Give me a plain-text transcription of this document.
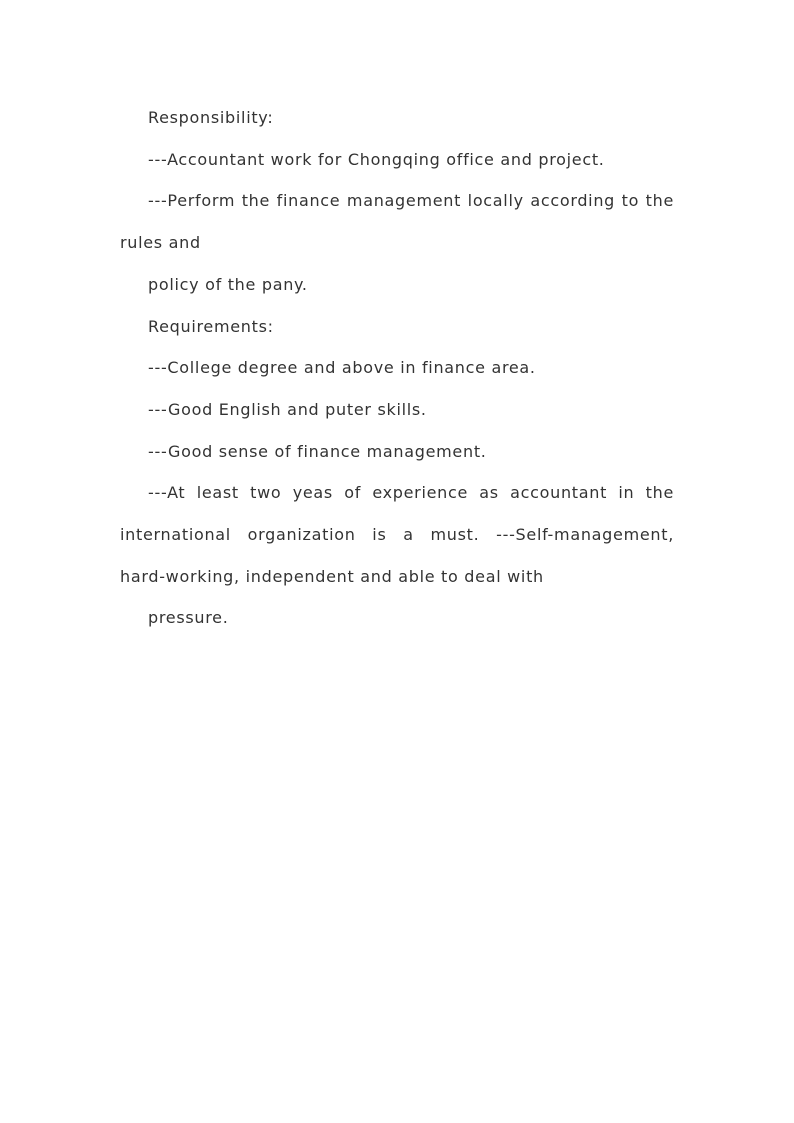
Responsibility:

---Accountant work for Chongqing office and project.

---Perform the finance management locally according to the

rules and

policy of the pany.

Requirements:

---College degree and above in finance area.

---Good English and puter skills.

---Good sense of finance management.

---At least two yeas of experience as accountant in the

international organization is a must. ---Self-management,

hard-working, independent and able to deal with

pressure.
